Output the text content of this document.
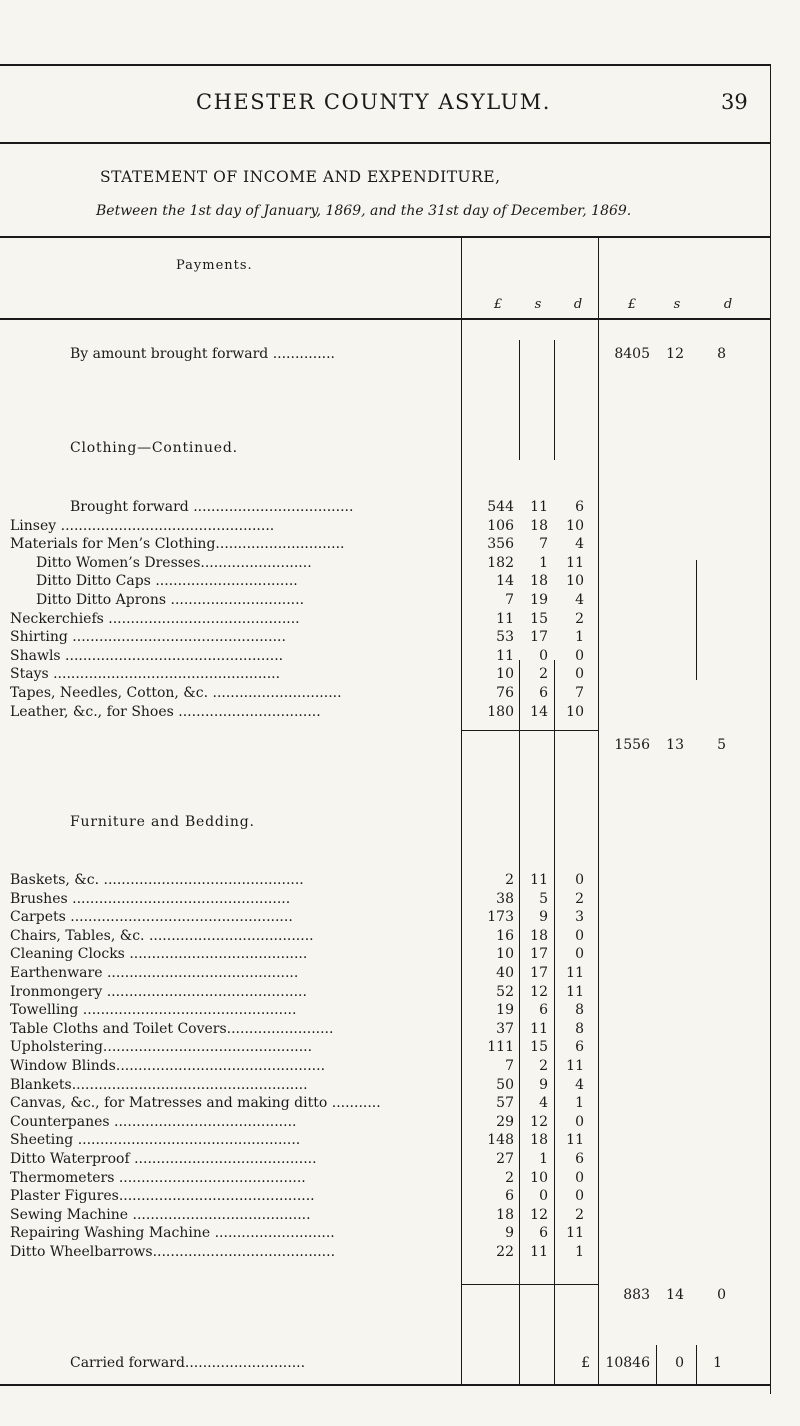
CHESTER COUNTY ASYLUM.	39
STATEMENT OF INCOME AND EXPENDITURE,
Between the 1st day of January, 1869, and the 31st day of December, 1869.
Payments.
£	s	d	£	s	d
By amount brought forward ..............	8405	12	8
Clothing—Continued.
Brought forward ....................................	544	11	6
Linsey ................................................	106	18	10
Materials for Men’s Clothing.............................	356	7	4
Ditto Women’s Dresses.........................	182	1	11
Ditto Ditto Caps ................................	14	18	10
Ditto Ditto Aprons ..............................	7	19	4
Neckerchiefs ...........................................	11	15	2
Shirting ................................................	53	17	1
Shawls .................................................	11	0	0
Stays ...................................................	10	2	0
Tapes, Needles, Cotton, &c. .............................	76	6	7
Leather, &c., for Shoes ................................	180	14	10
1556	13	5
Furniture and Bedding.
Baskets, &c. .............................................	2	11	0
Brushes .................................................	38	5	2
Carpets ..................................................	173	9	3
Chairs, Tables, &c. .....................................	16	18	0
Cleaning Clocks ........................................	10	17	0
Earthenware ...........................................	40	17	11
Ironmongery .............................................	52	12	11
Towelling ................................................	19	6	8
Table Cloths and Toilet Covers........................	37	11	8
Upholstering...............................................	111	15	6
Window Blinds...............................................	7	2	11
Blankets.....................................................	50	9	4
Canvas, &c., for Matresses and making ditto ...........	57	4	1
Counterpanes .........................................	29	12	0
Sheeting ..................................................	148	18	11
Ditto Waterproof .........................................	27	1	6
Thermometers ..........................................	2	10	0
Plaster Figures............................................	6	0	0
Sewing Machine ........................................	18	12	2
Repairing Washing Machine ...........................	9	6	11
Ditto Wheelbarrows.........................................	22	11	1
883	14	0
Carried forward...........................	£	10846	0	1
